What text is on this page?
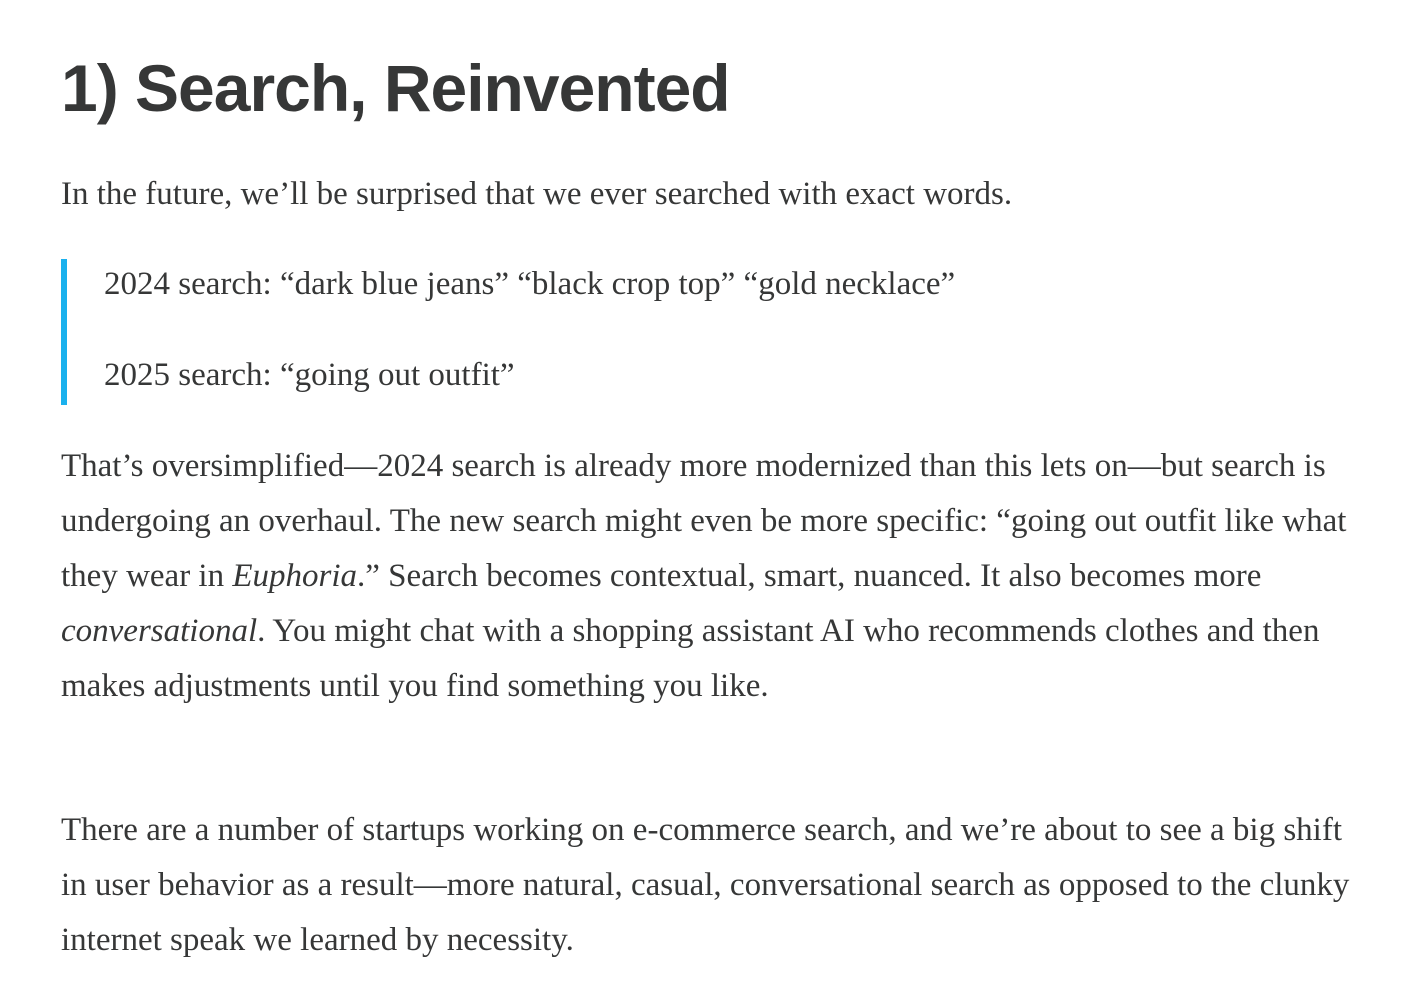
1) Search, Reinvented

In the future, we’ll be surprised that we ever searched with exact words.

2024 search: “dark blue jeans” “black crop top” “gold necklace”

2025 search: “going out outfit”

That’s oversimplified—2024 search is already more modernized than this lets on—but search is undergoing an overhaul. The new search might even be more specific: “going out outfit like what they wear in Euphoria.” Search becomes contextual, smart, nuanced. It also becomes more conversational. You might chat with a shopping assistant AI who recommends clothes and then makes adjustments until you find something you like.

There are a number of startups working on e-commerce search, and we’re about to see a big shift in user behavior as a result—more natural, casual, conversational search as opposed to the clunky internet speak we learned by necessity.
